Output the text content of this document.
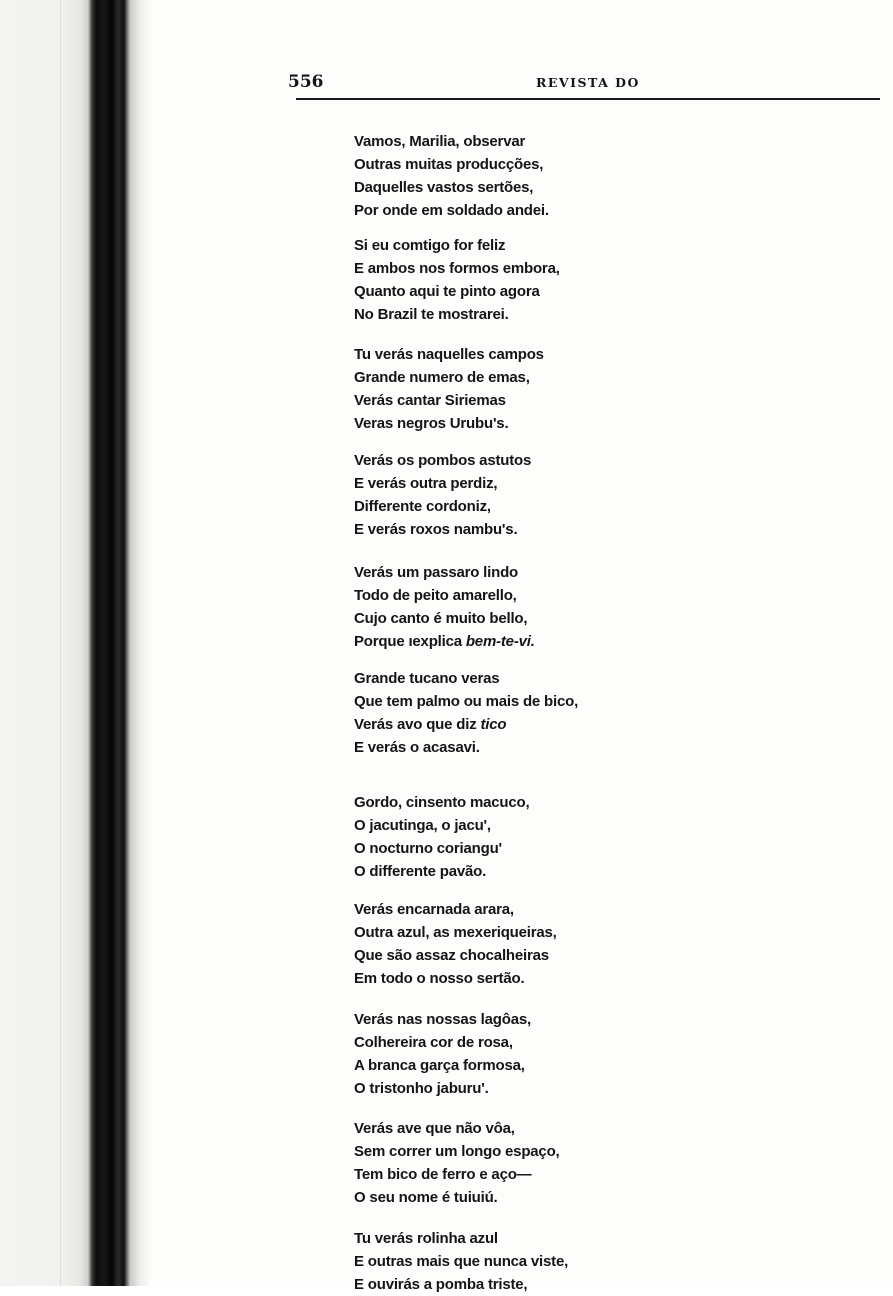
556	REVISTA DO
Vamos, Marilia, observar
Outras muitas producções,
Daquelles vastos sertões,
Por onde em soldado andei.
Si eu comtigo for feliz
E ambos nos formos embora,
Quanto aqui te pinto agora
No Brazil te mostrarei.
Tu verás naquelles campos
Grande numero de emas,
Verás cantar Siriemas
Veras negros Urubu's.
Verás os pombos astutos
E verás outra perdiz,
Differente cordoniz,
E verás roxos nambu's.
Verás um passaro lindo
Todo de peito amarello,
Cujo canto é muito bello,
Porque ıexplica bem-te-vi.
Grande tucano veras
Que tem palmo ou mais de bico,
Verás avo que diz tico
E verás o acasavi.
Gordo, cinsento macuco,
O jacutinga, o jacu',
O nocturno coriangu'
O differente pavão.
Verás encarnada arara,
Outra azul, as mexeriqueiras,
Que são assaz chocalheiras
Em todo o nosso sertão.
Verás nas nossas lagôas,
Colhereira cor de rosa,
A branca garça formosa,
O tristonho jaburu'.
Verás ave que não vôa,
Sem correr um longo espaço,
Tem bico de ferro e aço—
O seu nome é tuiuiú.
Tu verás rolinha azul
E outras mais que nunca viste,
E ouvirás a pomba triste,
